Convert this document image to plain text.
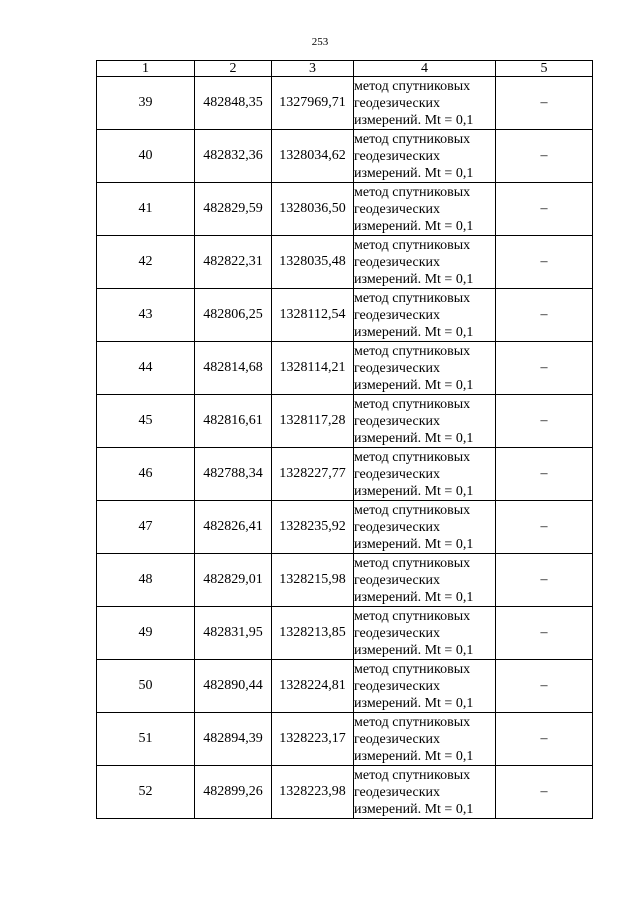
253
1	2	3	4	5
39	482848,35	1327969,71	метод спутниковых
геодезических
измерений. Mt = 0,1	–
40	482832,36	1328034,62	метод спутниковых
геодезических
измерений. Mt = 0,1	–
41	482829,59	1328036,50	метод спутниковых
геодезических
измерений. Mt = 0,1	–
42	482822,31	1328035,48	метод спутниковых
геодезических
измерений. Mt = 0,1	–
43	482806,25	1328112,54	метод спутниковых
геодезических
измерений. Mt = 0,1	–
44	482814,68	1328114,21	метод спутниковых
геодезических
измерений. Mt = 0,1	–
45	482816,61	1328117,28	метод спутниковых
геодезических
измерений. Mt = 0,1	–
46	482788,34	1328227,77	метод спутниковых
геодезических
измерений. Mt = 0,1	–
47	482826,41	1328235,92	метод спутниковых
геодезических
измерений. Mt = 0,1	–
48	482829,01	1328215,98	метод спутниковых
геодезических
измерений. Mt = 0,1	–
49	482831,95	1328213,85	метод спутниковых
геодезических
измерений. Mt = 0,1	–
50	482890,44	1328224,81	метод спутниковых
геодезических
измерений. Mt = 0,1	–
51	482894,39	1328223,17	метод спутниковых
геодезических
измерений. Mt = 0,1	–
52	482899,26	1328223,98	метод спутниковых
геодезических
измерений. Mt = 0,1	–
